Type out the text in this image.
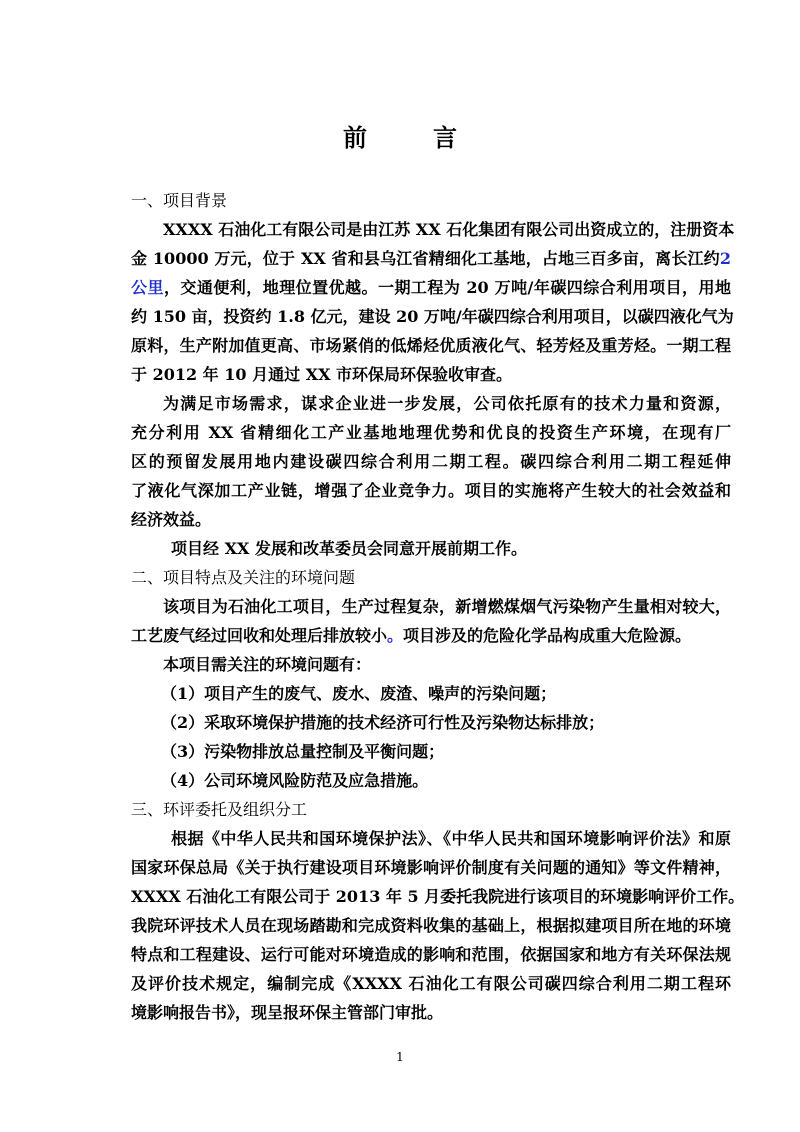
前 言

一、项目背景

XXXX 石油化工有限公司是由江苏 XX 石化集团有限公司出资成立的，注册资本

金 10000 万元，位于 XX 省和县乌江省精细化工基地，占地三百多亩，离长江约2

公里，交通便利，地理位置优越。一期工程为 20 万吨/年碳四综合利用项目，用地

约 150 亩，投资约 1.8 亿元，建设 20 万吨/年碳四综合利用项目，以碳四液化气为

原料，生产附加值更高、市场紧俏的低烯烃优质液化气、轻芳烃及重芳烃。一期工程

于 2012 年 10 月通过 XX 市环保局环保验收审查。

为满足市场需求，谋求企业进一步发展，公司依托原有的技术力量和资源，

充分利用 XX 省精细化工产业基地地理优势和优良的投资生产环境，在现有厂

区的预留发展用地内建设碳四综合利用二期工程。碳四综合利用二期工程延伸

了液化气深加工产业链，增强了企业竞争力。项目的实施将产生较大的社会效益和

经济效益。

项目经 XX 发展和改革委员会同意开展前期工作。

二、项目特点及关注的环境问题

该项目为石油化工项目，生产过程复杂，新增燃煤烟气污染物产生量相对较大，

工艺废气经过回收和处理后排放较小。项目涉及的危险化学品构成重大危险源。

本项目需关注的环境问题有：

（1）项目产生的废气、废水、废渣、噪声的污染问题；

（2）采取环境保护措施的技术经济可行性及污染物达标排放；

（3）污染物排放总量控制及平衡问题；

（4）公司环境风险防范及应急措施。

三、环评委托及组织分工

根据《中华人民共和国环境保护法》、《中华人民共和国环境影响评价法》和原

国家环保总局《关于执行建设项目环境影响评价制度有关问题的通知》等文件精神，

XXXX 石油化工有限公司于 2013 年 5 月委托我院进行该项目的环境影响评价工作。

我院环评技术人员在现场踏勘和完成资料收集的基础上，根据拟建项目所在地的环境

特点和工程建设、运行可能对环境造成的影响和范围，依据国家和地方有关环保法规

及评价技术规定，编制完成《XXXX 石油化工有限公司碳四综合利用二期工程环

境影响报告书》，现呈报环保主管部门审批。

1
